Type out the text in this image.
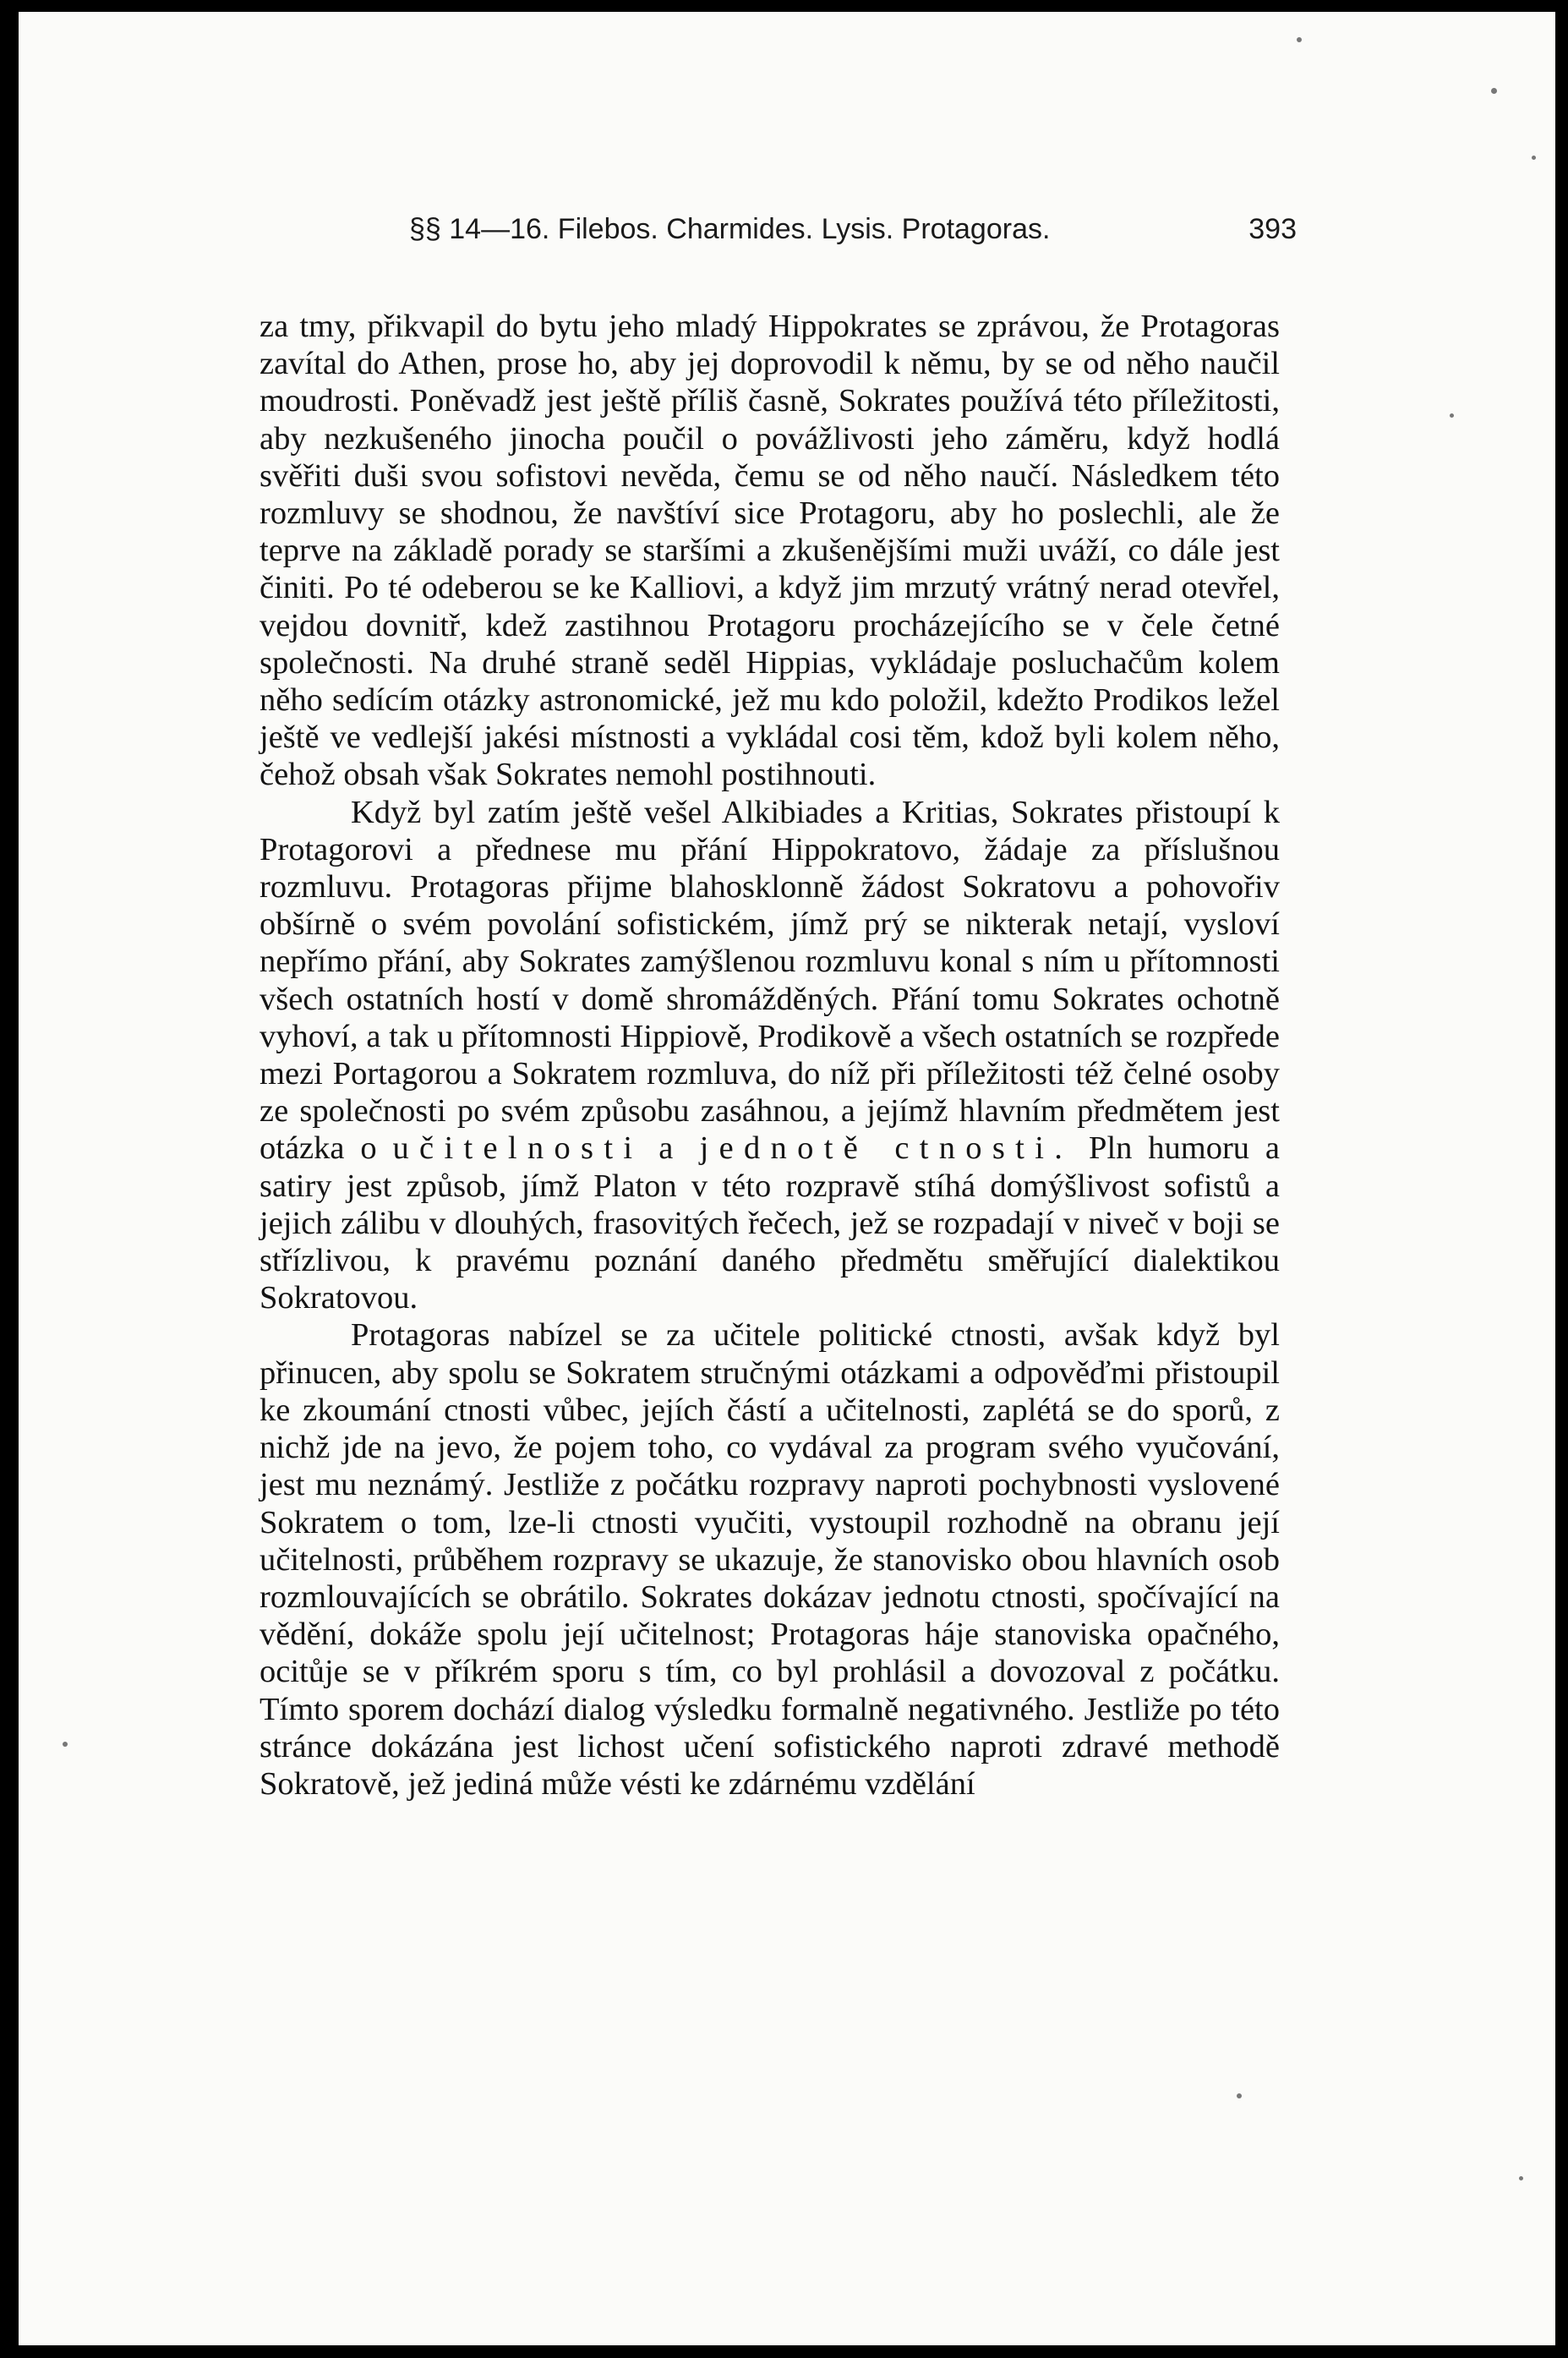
§§ 14—16. Filebos. Charmides. Lysis. Protagoras.	393

za tmy, přikvapil do bytu jeho mladý Hippokrates se zprávou, že Protagoras zavítal do Athen, prose ho, aby jej doprovodil k němu, by se od něho naučil moudrosti. Poněvadž jest ještě příliš časně, Sokrates používá této příležitosti, aby nezkušeného jinocha poučil o povážlivosti jeho záměru, když hodlá svěřiti duši svou sofistovi nevěda, čemu se od něho naučí. Následkem této rozmluvy se shodnou, že navštíví sice Protagoru, aby ho poslechli, ale že teprve na základě porady se staršími a zkušenějšími muži uváží, co dále jest činiti. Po té odeberou se ke Kalliovi, a když jim mrzutý vrátný nerad otevřel, vejdou dovnitř, kdež zastihnou Protagoru procházejícího se v čele četné společnosti. Na druhé straně seděl Hippias, vykládaje posluchačům kolem něho sedícím otázky astronomické, jež mu kdo položil, kdežto Prodikos ležel ještě ve vedlejší jakési místnosti a vykládal cosi těm, kdož byli kolem něho, čehož obsah však Sokrates nemohl postihnouti.

Když byl zatím ještě vešel Alkibiades a Kritias, Sokrates přistoupí k Protagorovi a přednese mu přání Hippokratovo, žádaje za příslušnou rozmluvu. Protagoras přijme blahosklonně žádost Sokratovu a pohovořiv obšírně o svém povolání sofistickém, jímž prý se nikterak netají, vysloví nepřímo přání, aby Sokrates zamýšlenou rozmluvu konal s ním u přítomnosti všech ostatních hostí v domě shromážděných. Přání tomu Sokrates ochotně vyhoví, a tak u přítomnosti Hippiově, Prodikově a všech ostatních se rozpřede mezi Portagorou a Sokratem rozmluva, do níž při příležitosti též čelné osoby ze společnosti po svém způsobu zasáhnou, a jejímž hlavním předmětem jest otázka o učitelnosti a jednotě ctnosti. Pln humoru a satiry jest způsob, jímž Platon v této rozpravě stíhá domýšlivost sofistů a jejich zálibu v dlouhých, frasovitých řečech, jež se rozpadají v niveč v boji se střízlivou, k pravému poznání daného předmětu směřující dialektikou Sokratovou.

Protagoras nabízel se za učitele politické ctnosti, avšak když byl přinucen, aby spolu se Sokratem stručnými otázkami a odpověďmi přistoupil ke zkoumání ctnosti vůbec, jejích částí a učitelnosti, zaplétá se do sporů, z nichž jde na jevo, že pojem toho, co vydával za program svého vyučování, jest mu neznámý. Jestliže z počátku rozpravy naproti pochybnosti vyslovené Sokratem o tom, lze-li ctnosti vyučiti, vystoupil rozhodně na obranu její učitelnosti, průběhem rozpravy se ukazuje, že stanovisko obou hlavních osob rozmlouvajících se obrátilo. Sokrates dokázav jednotu ctnosti, spočívající na vědění, dokáže spolu její učitelnost; Protagoras háje stanoviska opačného, ocitůje se v příkrém sporu s tím, co byl prohlásil a dovozoval z počátku. Tímto sporem dochází dialog výsledku formalně negativného. Jestliže po této stránce dokázána jest lichost učení sofistického naproti zdravé methodě Sokratově, jež jediná může vésti ke zdárnému vzdělání
